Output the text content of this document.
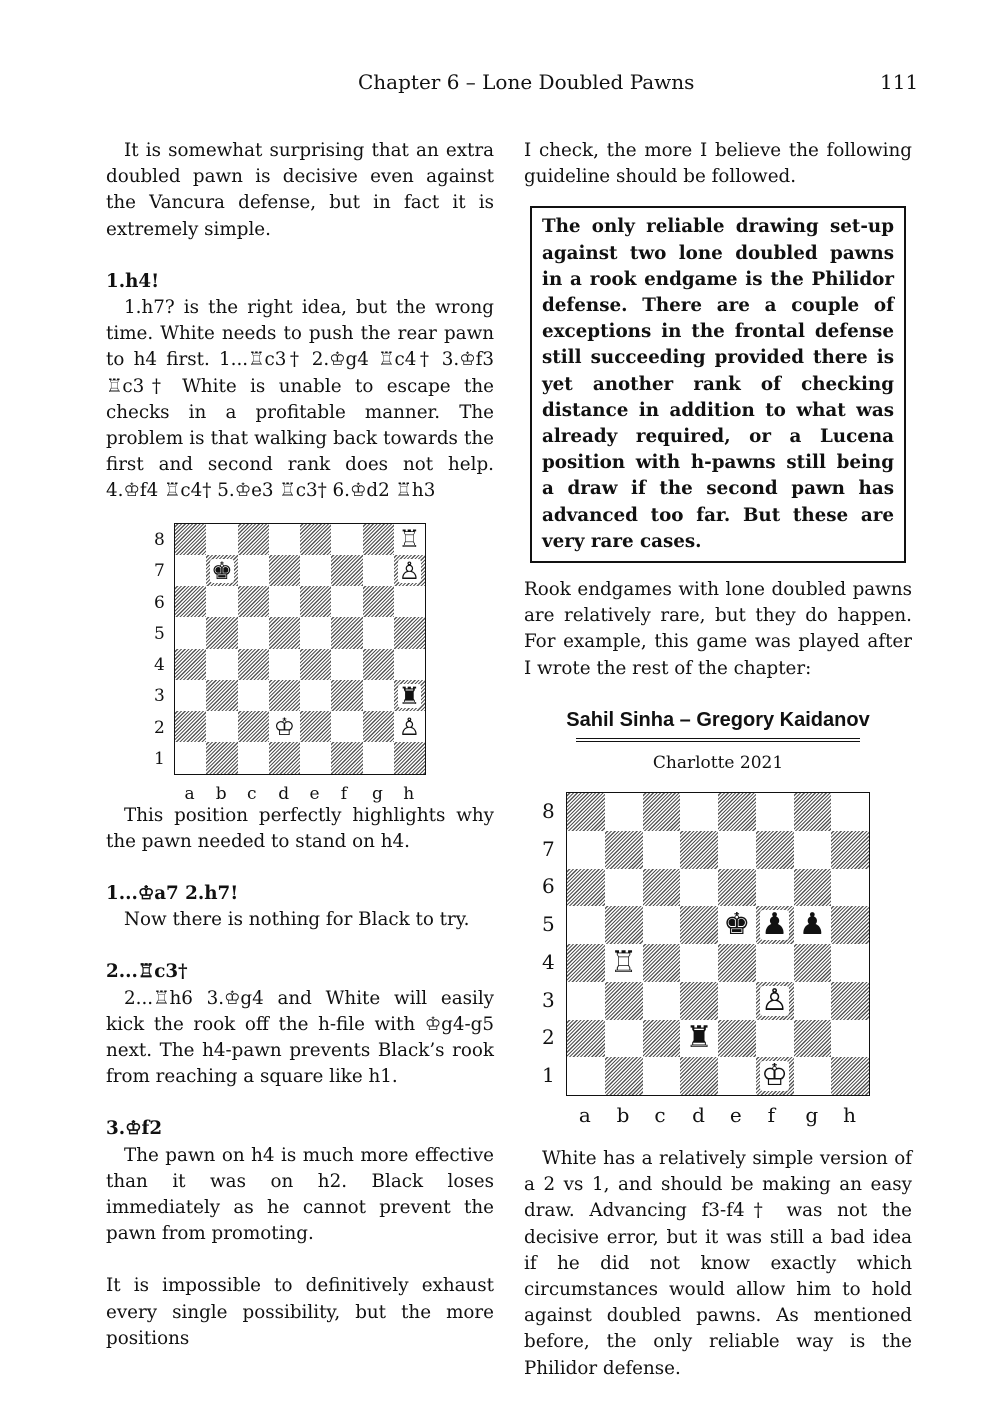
Chapter 6 – Lone Doubled Pawns	111

It is somewhat surprising that an extra doubled pawn is decisive even against the Vancura defense, but in fact it is extremely simple.

1.h4!

1.h7? is the right idea, but the wrong time. White needs to push the rear pawn to h4 first. 1...♖c3† 2.♔g4 ♖c4† 3.♔f3 ♖c3† White is unable to escape the checks in a profitable manner. The problem is that walking back towards the first and second rank does not help. 4.♔f4 ♖c4† 5.♔e3 ♖c3† 6.♔d2 ♖h3

8
7
6
5
4
3
2
1
♖
♚	♙
♜
♔	♙
a b c d e f g h

This position perfectly highlights why the pawn needed to stand on h4.

1...♔a7 2.h7!

Now there is nothing for Black to try.

2...♖c3†

2...♖h6 3.♔g4 and White will easily kick the rook off the h-file with ♔g4-g5 next. The h4-pawn prevents Black’s rook from reaching a square like h1.

3.♔f2

The pawn on h4 is much more effective than it was on h2. Black loses immediately as he cannot prevent the pawn from promoting.

It is impossible to definitively exhaust every single possibility, but the more positions

I check, the more I believe the following guideline should be followed.

The only reliable drawing set-up against two lone doubled pawns in a rook endgame is the Philidor defense. There are a couple of exceptions in the frontal defense still succeeding provided there is yet another rank of checking distance in addition to what was already required, or a Lucena position with h-pawns still being a draw if the second pawn has advanced too far. But these are very rare cases.

Rook endgames with lone doubled pawns are relatively rare, but they do happen. For example, this game was played after I wrote the rest of the chapter:

Sahil Sinha – Gregory Kaidanov
Charlotte 2021
8
7
6
5
4
3
2
1
♚ ♟ ♟
♖
♙
♜
♔
a b c d e f g h

White has a relatively simple version of a 2 vs 1, and should be making an easy draw. Advancing f3-f4† was not the decisive error, but it was still a bad idea if he did not know exactly which circumstances would allow him to hold against doubled pawns. As mentioned before, the only reliable way is the Philidor defense.
